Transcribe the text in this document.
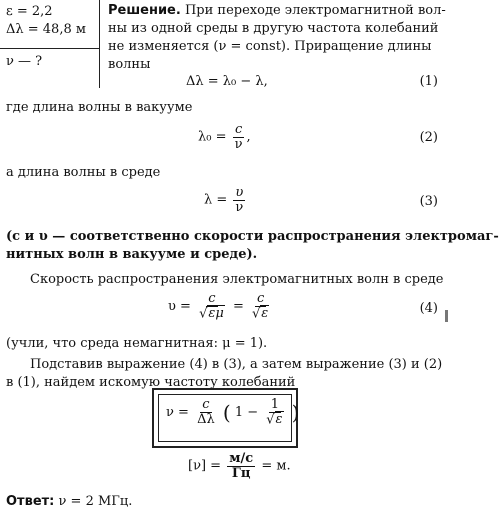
ε = 2,2
Δλ = 48,8 м
ν — ?
Решение. При переходе электромагнитной вол-
ны из одной среды в другую частота колебаний
не изменяется (ν = const). Приращение длины
волны
Δλ = λ₀ − λ,	(1)
где длина волны в вакууме
$\lambda_0 = \frac{c}{\nu}$ ,	(2)
а длина волны в среде
$\lambda = \frac{\upsilon}{\nu}$	(3)
(c и υ — соответственно скорости распространения электромаг-
нитных волн в вакууме и среде).
Скорость распространения электромагнитных волн в среде
$\upsilon = \frac{c}{√\varepsilon\mu} = \frac{c}{√\varepsilon}$	(4)
(учли, что среда немагнитная: μ = 1).
Подставив выражение (4) в (3), а затем выражение (3) и (2)
в (1), найдем искомую частоту колебаний
$\nu = \frac{c}{\Delta\lambda}$ ( $1 - \frac{1}{√\varepsilon}$ )
$[\nu] = \frac{м/с}{Гц} = м$.
Ответ: ν = 2 МГц.
